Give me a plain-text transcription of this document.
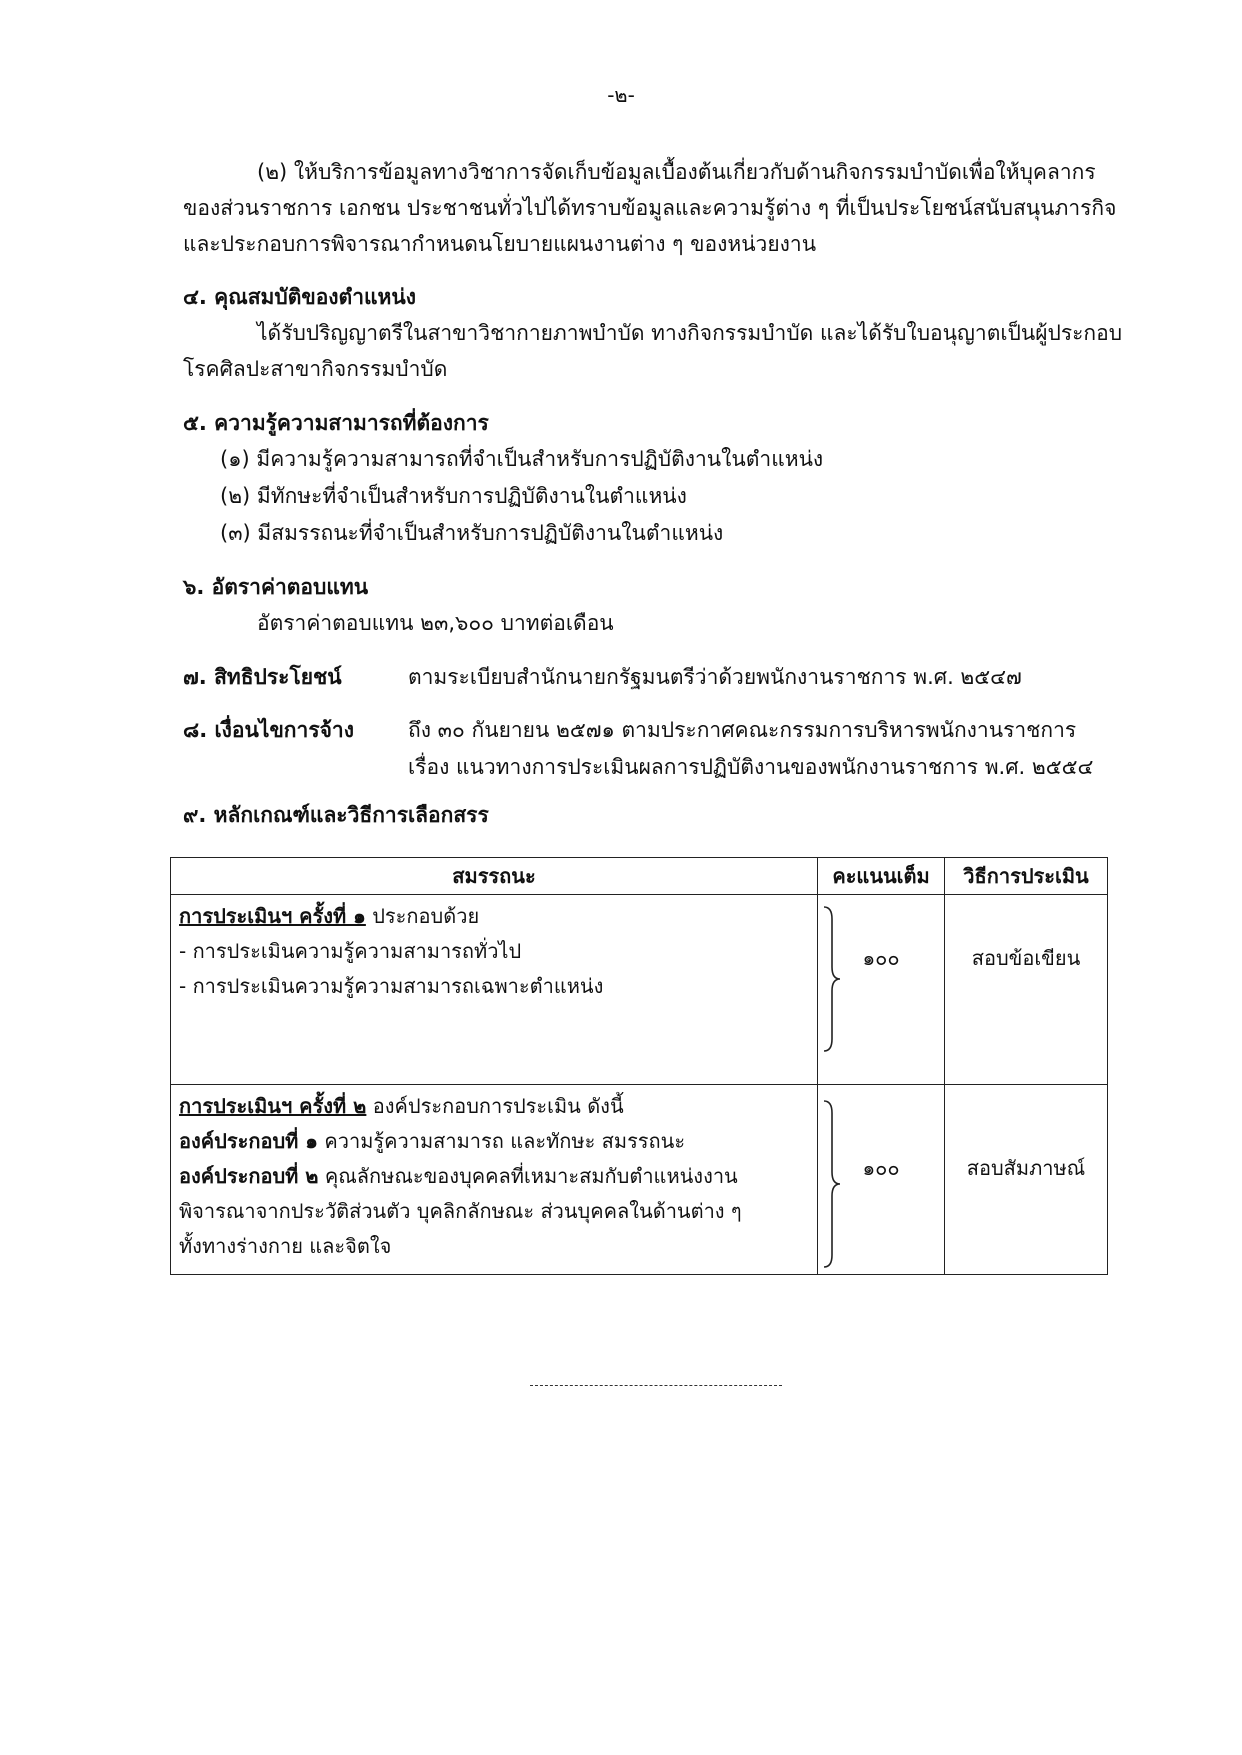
-๒-
(๒) ให้บริการข้อมูลทางวิชาการจัดเก็บข้อมูลเบื้องต้นเกี่ยวกับด้านกิจกรรมบำบัดเพื่อให้บุคลากร
ของส่วนราชการ เอกชน ประชาชนทั่วไปได้ทราบข้อมูลและความรู้ต่าง ๆ ที่เป็นประโยชน์สนับสนุนภารกิจ
และประกอบการพิจารณากำหนดนโยบายแผนงานต่าง ๆ ของหน่วยงาน
๔. คุณสมบัติของตำแหน่ง
ได้รับปริญญาตรีในสาขาวิชากายภาพบำบัด ทางกิจกรรมบำบัด และได้รับใบอนุญาตเป็นผู้ประกอบ
โรคศิลปะสาขากิจกรรมบำบัด
๕. ความรู้ความสามารถที่ต้องการ
(๑) มีความรู้ความสามารถที่จำเป็นสำหรับการปฏิบัติงานในตำแหน่ง
(๒) มีทักษะที่จำเป็นสำหรับการปฏิบัติงานในตำแหน่ง
(๓) มีสมรรถนะที่จำเป็นสำหรับการปฏิบัติงานในตำแหน่ง
๖. อัตราค่าตอบแทน
อัตราค่าตอบแทน ๒๓,๖๐๐ บาทต่อเดือน
๗. สิทธิประโยชน์	ตามระเบียบสำนักนายกรัฐมนตรีว่าด้วยพนักงานราชการ พ.ศ. ๒๕๔๗
๘. เงื่อนไขการจ้าง	ถึง ๓๐ กันยายน ๒๕๗๑ ตามประกาศคณะกรรมการบริหารพนักงานราชการ
เรื่อง แนวทางการประเมินผลการปฏิบัติงานของพนักงานราชการ พ.ศ. ๒๕๕๔
๙. หลักเกณฑ์และวิธีการเลือกสรร
สมรรถนะ	คะแนนเต็ม	วิธีการประเมิน

การประเมินฯ ครั้งที่ ๑ ประกอบด้วย
- การประเมินความรู้ความสามารถทั่วไป
- การประเมินความรู้ความสามารถเฉพาะตำแหน่ง	๑๐๐	สอบข้อเขียน

การประเมินฯ ครั้งที่ ๒ องค์ประกอบการประเมิน ดังนี้
องค์ประกอบที่ ๑ ความรู้ความสามารถ และทักษะ สมรรถนะ
องค์ประกอบที่ ๒ คุณลักษณะของบุคคลที่เหมาะสมกับตำแหน่งงาน
พิจารณาจากประวัติส่วนตัว บุคลิกลักษณะ ส่วนบุคคลในด้านต่าง ๆ
ทั้งทางร่างกาย และจิตใจ	๑๐๐	สอบสัมภาษณ์
